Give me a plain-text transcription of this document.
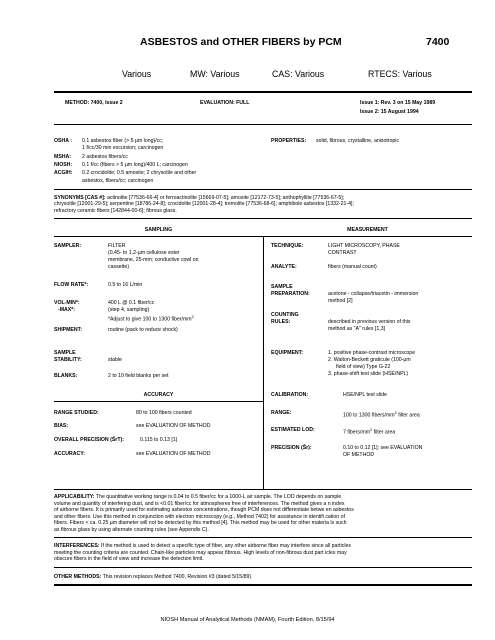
ASBESTOS and OTHER FIBERS by PCM	7400
Various	MW: Various	CAS: Various	RTECS: Various
METHOD: 7400, Issue 2	EVALUATION: FULL	Issue 1: Rev. 3 on 15 May 1989
Issue 2: 15 August 1994
OSHA : 0.1 asbestos fiber (> 5 µm long)/cc;
1 f/cc/30 min excursion; carcinogen
MSHA: 2 asbestos fibers/cc
NIOSH: 0.1 f/cc (fibers > 5 µm long)/400 L; carcinogen
ACGIH: 0.2 crocidolite; 0.5 amosite; 2 chrysotile and other
asbestos, fibers/cc; carcinogen
PROPERTIES: solid, fibrous, crystalline, anisotropic
SYNONYMS [CAS #]: actinolite [77536-66-4] or ferroactinolite [15669-07-5]; amosite [12172-73-5]; anthophyllite [77536-67-5];
chrysotile [12001-29-5]; serpentine [18786-24-8]; crocidolite [12001-28-4]; tremolite [77536-68-6]; amphibole asbestos [1332-21-4];
refractory ceramic fibers [142844-00-6]; fibrous glass.
SAMPLING	MEASUREMENT
SAMPLER:	FILTER
(0.45- to 1.2-µm cellulose ester
membrane, 25-mm; conductive cowl on
cassette)
FLOW RATE*:	0.5 to 16 L/min
VOL-MIN*:	400 L @ 0.1 fiber/cc
-MAX*:	(step 4, sampling)
*Adjust to give 100 to 1300 fiber/$mm^2$
SHIPMENT:	routine (pack to reduce shock)
SAMPLE
STABILITY:	stable
BLANKS:	2 to 10 field blanks per set
TECHNIQUE:	LIGHT MICROSCOPY, PHASE
CONTRAST
ANALYTE:	fibers (manual count)
SAMPLE
PREPARATION:	acetone - collapse/triacetin - immersion
method [2]
COUNTING
RULES:	described in previous version of this
method as "A" rules [1,3]
EQUIPMENT:	1. positive phase-contrast microscope
2. Walton-Beckett graticule (100-µm
field of view) Type G-22
3. phase-shift test slide (HSE/NPL)
ACCURACY	CALIBRATION:	HSE/NPL test slide
RANGE STUDIED:	80 to 100 fibers counted
BIAS:	see EVALUATION OF METHOD
OVERALL PRECISION (ŜrT):	0.115 to 0.13 [1]
ACCURACY:	see EVALUATION OF METHOD
RANGE:	100 to 1300 fibers/$mm^2$ filter area
ESTIMATED LOD:	7 fibers/$mm^2$ filter area
PRECISION (Ŝr):	0.10 to 0.12 [1]; see EVALUATION
OF METHOD
APPLICABILITY: The quantitative working range is 0.04 to 0.5 fiber/cc for a 1000-L air sample. The LOD depends on sample
volume and quantity of interfering dust, and is <0.01 fiber/cc for atmospheres free of interferences. The method gives a n index
of airborne fibers. It is primarily used for estimating asbestos concentrations, though PCM does not differentiate betwe en asbestos
and other fibers. Use this method in conjunction with electron microscopy (e.g., Method 7402) for assistance in identifi cation of
fibers. Fibers < ca. 0.25 µm diameter will not be detected by this method [4]. This method may be used for other materia ls such
as fibrous glass by using alternate counting rules (see Appendix C).
INTERFERENCES: If the method is used to detect a specific type of fiber, any other airborne fiber may interfere since all particles
meeting the counting criteria are counted. Chain-like particles may appear fibrous. High levels of non-fibrous dust part icles may
obscure fibers in the field of view and increase the detection limit.
OTHER METHODS: This revision replaces Method 7400, Revision #3 (dated 5/15/89).
NIOSH Manual of Analytical Methods (NMAM), Fourth Edition, 8/15/94
